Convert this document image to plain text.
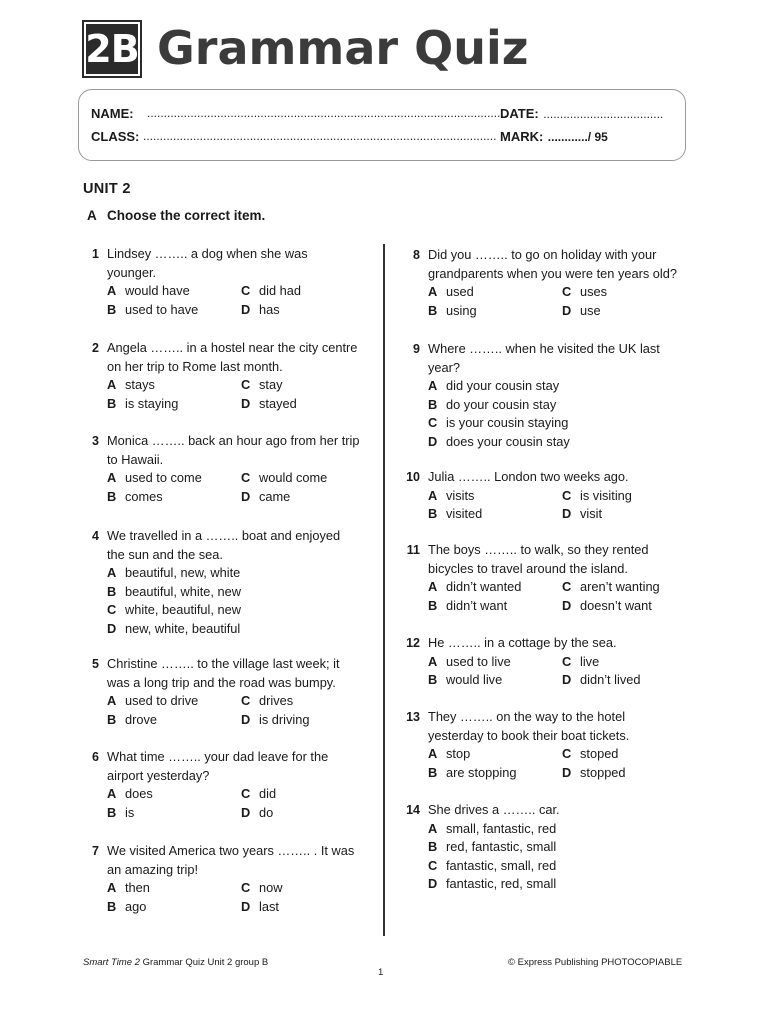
2B Grammar Quiz
NAME: ............................................................................................................
DATE: ....................................
CLASS: .......................................................................................................... MARK: ............/ 95
UNIT 2
A Choose the correct item.
1 Lindsey …….. a dog when she was
younger.
A would have	C did had
B used to have	D has
2 Angela …….. in a hostel near the city centre
on her trip to Rome last month.
A stays	C stay
B is staying	D stayed
3 Monica …….. back an hour ago from her trip
to Hawaii.
A used to come	C would come
B comes	D came
4 We travelled in a …….. boat and enjoyed
the sun and the sea.
A beautiful, new, white
B beautiful, white, new
C white, beautiful, new
D new, white, beautiful
5 Christine …….. to the village last week; it
was a long trip and the road was bumpy.
A used to drive	C drives
B drove	D is driving
6 What time …….. your dad leave for the
airport yesterday?
A does	C did
B is	D do
7 We visited America two years …….. . It was
an amazing trip!
A then	C now
B ago	D last
8 Did you …….. to go on holiday with your
grandparents when you were ten years old?
A used	C uses
B using	D use
9 Where …….. when he visited the UK last
year?
A did your cousin stay
B do your cousin stay
C is your cousin staying
D does your cousin stay
10 Julia …….. London two weeks ago.
A visits	C is visiting
B visited	D visit
11 The boys …….. to walk, so they rented
bicycles to travel around the island.
A didn’t wanted	C aren’t wanting
B didn’t want	D doesn’t want
12 He …….. in a cottage by the sea.
A used to live	C live
B would live	D didn’t lived
13 They …….. on the way to the hotel
yesterday to book their boat tickets.
A stop	C stoped
B are stopping	D stopped
14 She drives a …….. car.
A small, fantastic, red
B red, fantastic, small
C fantastic, small, red
D fantastic, red, small
Smart Time 2 Grammar Quiz Unit 2 group B	© Express Publishing PHOTOCOPIABLE
1
